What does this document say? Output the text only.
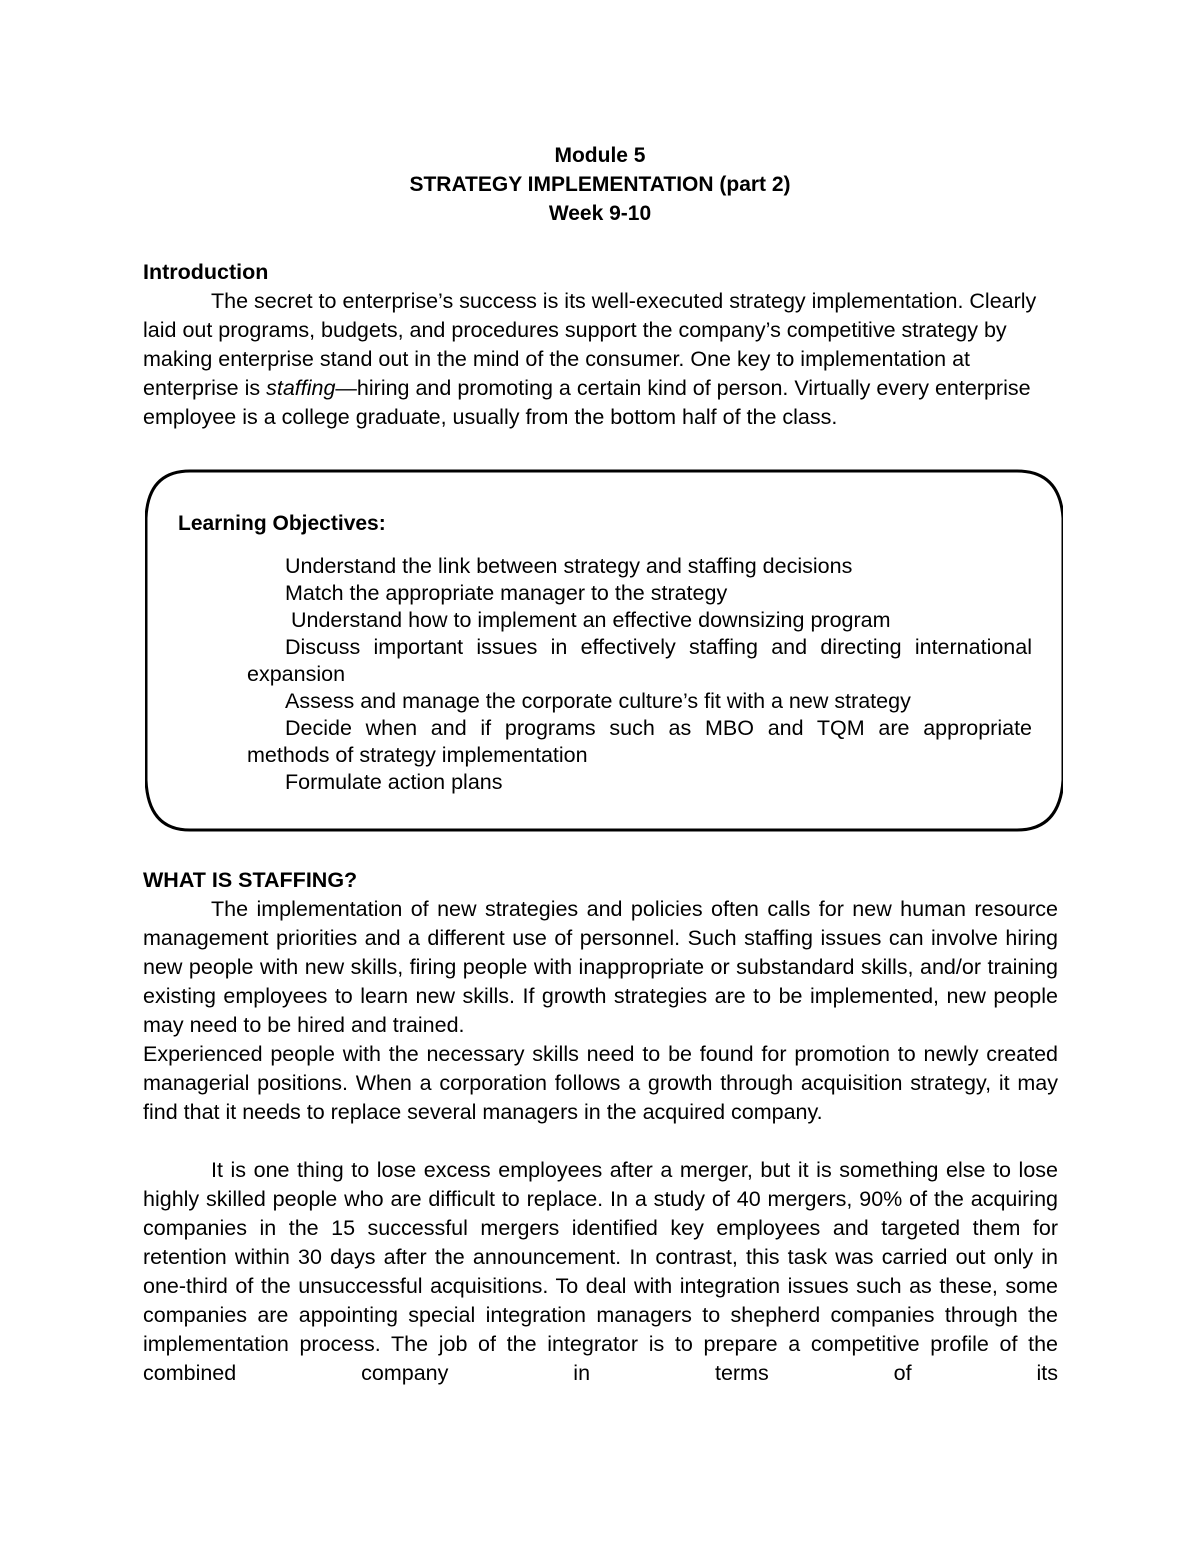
Module 5
STRATEGY IMPLEMENTATION (part 2)
Week 9-10
Introduction

The secret to enterprise’s success is its well-executed strategy implementation. Clearly laid out programs, budgets, and procedures support the company’s competitive strategy by making enterprise stand out in the mind of the consumer. One key to implementation at enterprise is staffing—hiring and promoting a certain kind of person. Virtually every enterprise employee is a college graduate, usually from the bottom half of the class.

Learning Objectives:
Understand the link between strategy and staffing decisions
Match the appropriate manager to the strategy
Understand how to implement an effective downsizing program
Discuss important issues in effectively staffing and directing international expansion
Assess and manage the corporate culture’s fit with a new strategy
Decide when and if programs such as MBO and TQM are appropriate methods of strategy implementation
Formulate action plans
WHAT IS STAFFING?

The implementation of new strategies and policies often calls for new human resource management priorities and a different use of personnel. Such staffing issues can involve hiring new people with new skills, firing people with inappropriate or substandard skills, and/or training existing employees to learn new skills. If growth strategies are to be implemented, new people may need to be hired and trained.

Experienced people with the necessary skills need to be found for promotion to newly created managerial positions. When a corporation follows a growth through acquisition strategy, it may find that it needs to replace several managers in the acquired company.

It is one thing to lose excess employees after a merger, but it is something else to lose highly skilled people who are difficult to replace. In a study of 40 mergers, 90% of the acquiring companies in the 15 successful mergers identified key employees and targeted them for retention within 30 days after the announcement. In contrast, this task was carried out only in one-third of the unsuccessful acquisitions. To deal with integration issues such as these, some companies are appointing special integration managers to shepherd companies through the implementation process. The job of the integrator is to prepare a competitive profile of the combined company in terms of its
